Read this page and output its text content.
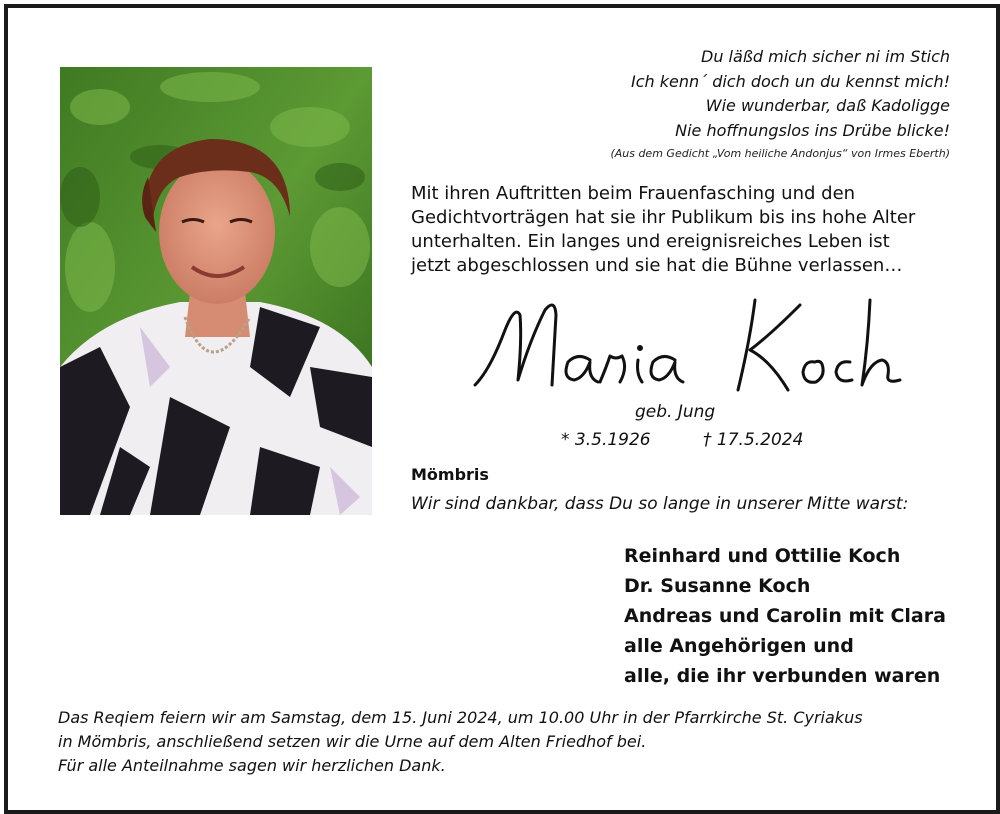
Du läßd mich sicher ni im Stich
Ich kenn´ dich doch un du kennst mich!
Wie wunderbar, daß Kadoligge
Nie hoffnungslos ins Drübe blicke!
(Aus dem Gedicht „Vom heiliche Andonjus“ von Irmes Eberth)
Mit ihren Auftritten beim Frauenfasching und den
Gedichtvorträgen hat sie ihr Publikum bis ins hohe Alter
unterhalten. Ein langes und ereignisreiches Leben ist
jetzt abgeschlossen und sie hat die Bühne verlassen…
geb. Jung
* 3.5.1926	† 17.5.2024
Mömbris
Wir sind dankbar, dass Du so lange in unserer Mitte warst:
Reinhard und Ottilie Koch
Dr. Susanne Koch
Andreas und Carolin mit Clara
alle Angehörigen und
alle, die ihr verbunden waren
Das Reqiem feiern wir am Samstag, dem 15. Juni 2024, um 10.00 Uhr in der Pfarrkirche St. Cyriakus
in Mömbris, anschließend setzen wir die Urne auf dem Alten Friedhof bei.
Für alle Anteilnahme sagen wir herzlichen Dank.
